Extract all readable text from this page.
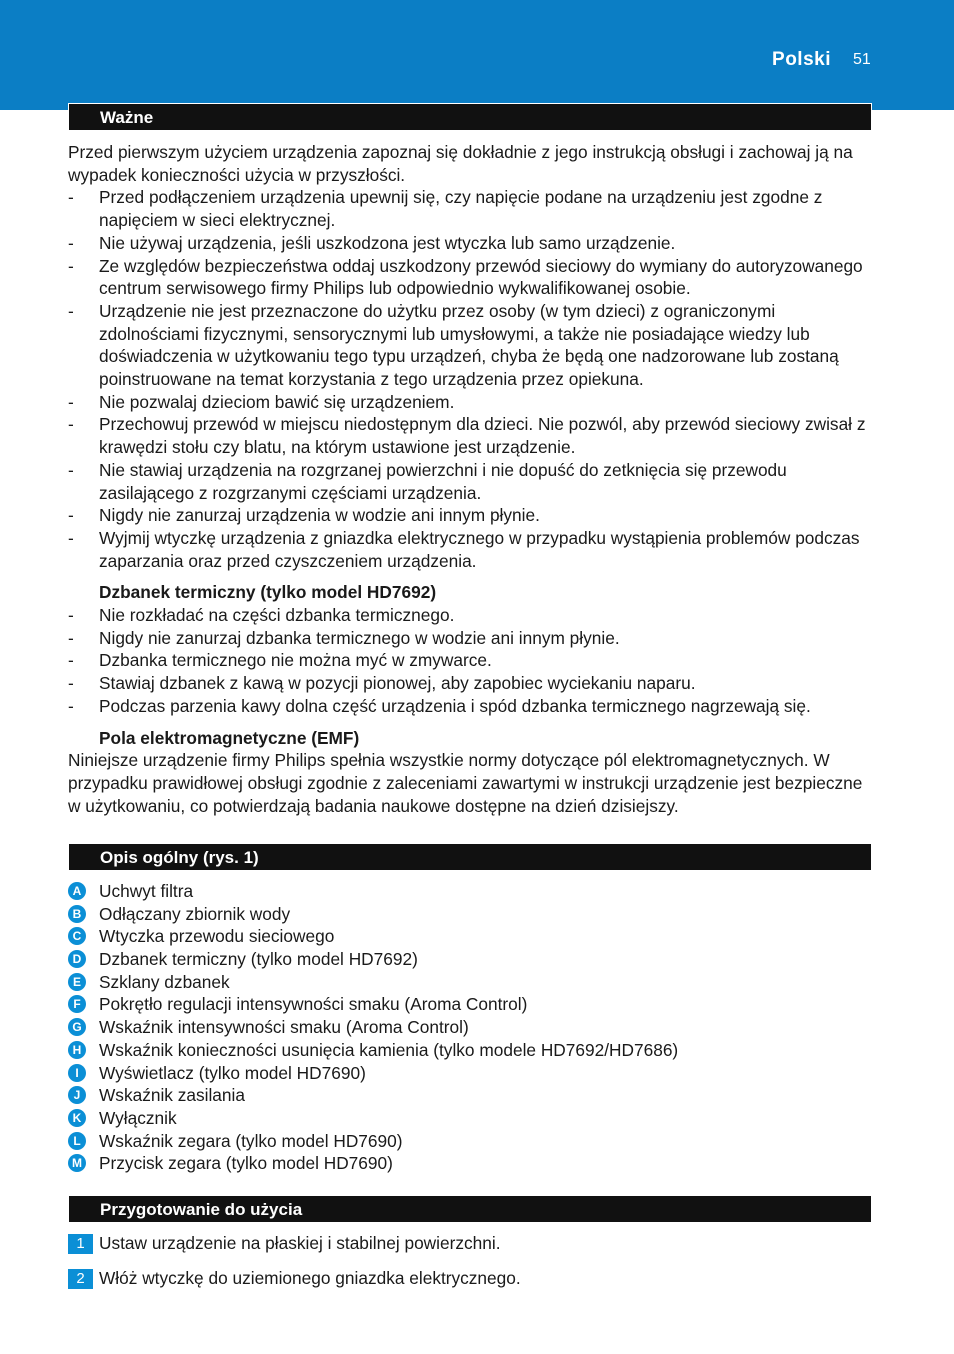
Polski 51
Ważne

Przed pierwszym użyciem urządzenia zapoznaj się dokładnie z jego instrukcją obsługi i zachowaj ją na wypadek konieczności użycia w przyszłości.

- Przed podłączeniem urządzenia upewnij się, czy napięcie podane na urządzeniu jest zgodne z napięciem w sieci elektrycznej.
- Nie używaj urządzenia, jeśli uszkodzona jest wtyczka lub samo urządzenie.
- Ze względów bezpieczeństwa oddaj uszkodzony przewód sieciowy do wymiany do autoryzowanego centrum serwisowego firmy Philips lub odpowiednio wykwalifikowanej osobie.
- Urządzenie nie jest przeznaczone do użytku przez osoby (w tym dzieci) z ograniczonymi zdolnościami fizycznymi, sensorycznymi lub umysłowymi, a także nie posiadające wiedzy lub doświadczenia w użytkowaniu tego typu urządzeń, chyba że będą one nadzorowane lub zostaną poinstruowane na temat korzystania z tego urządzenia przez opiekuna.
- Nie pozwalaj dzieciom bawić się urządzeniem.
- Przechowuj przewód w miejscu niedostępnym dla dzieci. Nie pozwól, aby przewód sieciowy zwisał z krawędzi stołu czy blatu, na którym ustawione jest urządzenie.
- Nie stawiaj urządzenia na rozgrzanej powierzchni i nie dopuść do zetknięcia się przewodu zasilającego z rozgrzanymi częściami urządzenia.
- Nigdy nie zanurzaj urządzenia w wodzie ani innym płynie.
- Wyjmij wtyczkę urządzenia z gniazdka elektrycznego w przypadku wystąpienia problemów podczas zaparzania oraz przed czyszczeniem urządzenia.

Dzbanek termiczny (tylko model HD7692)

- Nie rozkładać na części dzbanka termicznego.
- Nigdy nie zanurzaj dzbanka termicznego w wodzie ani innym płynie.
- Dzbanka termicznego nie można myć w zmywarce.
- Stawiaj dzbanek z kawą w pozycji pionowej, aby zapobiec wyciekaniu naparu.
- Podczas parzenia kawy dolna część urządzenia i spód dzbanka termicznego nagrzewają się.

Pola elektromagnetyczne (EMF)

Niniejsze urządzenie firmy Philips spełnia wszystkie normy dotyczące pól elektromagnetycznych. W przypadku prawidłowej obsługi zgodnie z zaleceniami zawartymi w instrukcji urządzenie jest bezpieczne w użytkowaniu, co potwierdzają badania naukowe dostępne na dzień dzisiejszy.

Opis ogólny (rys. 1)
A Uchwyt filtra
B Odłączany zbiornik wody
C Wtyczka przewodu sieciowego
D Dzbanek termiczny (tylko model HD7692)
E Szklany dzbanek
F	Pokrętło regulacji intensywności smaku (Aroma Control)
G Wskaźnik intensywności smaku (Aroma Control)
H Wskaźnik konieczności usunięcia kamienia (tylko modele HD7692/HD7686)
I	Wyświetlacz (tylko model HD7690)
J	Wskaźnik zasilania
K Wyłącznik
L	Wskaźnik zegara (tylko model HD7690)
M Przycisk zegara (tylko model HD7690)
Przygotowanie do użycia
1 Ustaw urządzenie na płaskiej i stabilnej powierzchni.
2 Włóż wtyczkę do uziemionego gniazdka elektrycznego.
